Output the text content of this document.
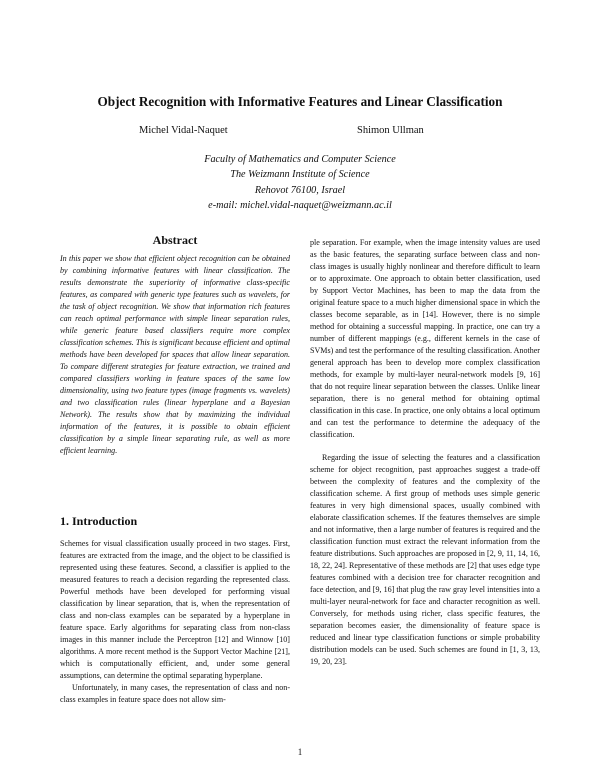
Object Recognition with Informative Features and Linear Classification
Michel Vidal-Naquet	Shimon Ullman
Faculty of Mathematics and Computer Science
The Weizmann Institute of Science
Rehovot 76100, Israel
e-mail: michel.vidal-naquet@weizmann.ac.il
Abstract

In this paper we show that efficient object recognition can be obtained by combining informative features with linear classification. The results demonstrate the superiority of informative class-specific features, as compared with generic type features such as wavelets, for the task of object recognition. We show that information rich features can reach optimal performance with simple linear separation rules, while generic feature based classifiers require more complex classification schemes. This is significant because efficient and optimal methods have been developed for spaces that allow linear separation. To compare different strategies for feature extraction, we trained and compared classifiers working in feature spaces of the same low dimensionality, using two feature types (image fragments vs. wavelets) and two classification rules (linear hyperplane and a Bayesian Network). The results show that by maximizing the individual information of the features, it is possible to obtain efficient classification by a simple linear separating rule, as well as more efficient learning.

1. Introduction

Schemes for visual classification usually proceed in two stages. First, features are extracted from the image, and the object to be classified is represented using these features. Second, a classifier is applied to the measured features to reach a decision regarding the represented class. Powerful methods have been developed for performing visual classification by linear separation, that is, when the representation of class and non-class examples can be separated by a hyperplane in feature space. Early algorithms for separating class from non-class images in this manner include the Perceptron [12] and Winnow [10] algorithms. A more recent method is the Support Vector Machine [21], which is computationally efficient, and, under some general assumptions, can determine the optimal separating hyperplane.

Unfortunately, in many cases, the representation of class and non-class examples in feature space does not allow sim-

ple separation. For example, when the image intensity values are used as the basic features, the separating surface between class and non-class images is usually highly nonlinear and therefore difficult to learn or to approximate. One approach to obtain better classification, used by Support Vector Machines, has been to map the data from the original feature space to a much higher dimensional space in which the classes become separable, as in [14]. However, there is no simple method for obtaining a successful mapping. In practice, one can try a number of different mappings (e.g., different kernels in the case of SVMs) and test the performance of the resulting classification. Another general approach has been to develop more complex classification methods, for example by multi-layer neural-network models [9, 16] that do not require linear separation between the classes. Unlike linear separation, there is no general method for obtaining optimal classification in this case. In practice, one only obtains a local optimum and can test the performance to determine the adequacy of the classification.

Regarding the issue of selecting the features and a classification scheme for object recognition, past approaches suggest a trade-off between the complexity of features and the complexity of the classification scheme. A first group of methods uses simple generic features in very high dimensional spaces, usually combined with elaborate classification schemes. If the features themselves are simple and not informative, then a large number of features is required and the classification function must extract the relevant information from the feature distributions. Such approaches are proposed in [2, 9, 11, 14, 16, 18, 22, 24]. Representative of these methods are [2] that uses edge type features combined with a decision tree for character recognition and face detection, and [9, 16] that plug the raw gray level intensities into a multi-layer neural-network for face and character recognition as well. Conversely, for methods using richer, class specific features, the separation becomes easier, the dimensionality of feature space is reduced and linear type classification functions or simple probability distribution models can be used. Such schemes are found in [1, 3, 13, 19, 20, 23].

1
